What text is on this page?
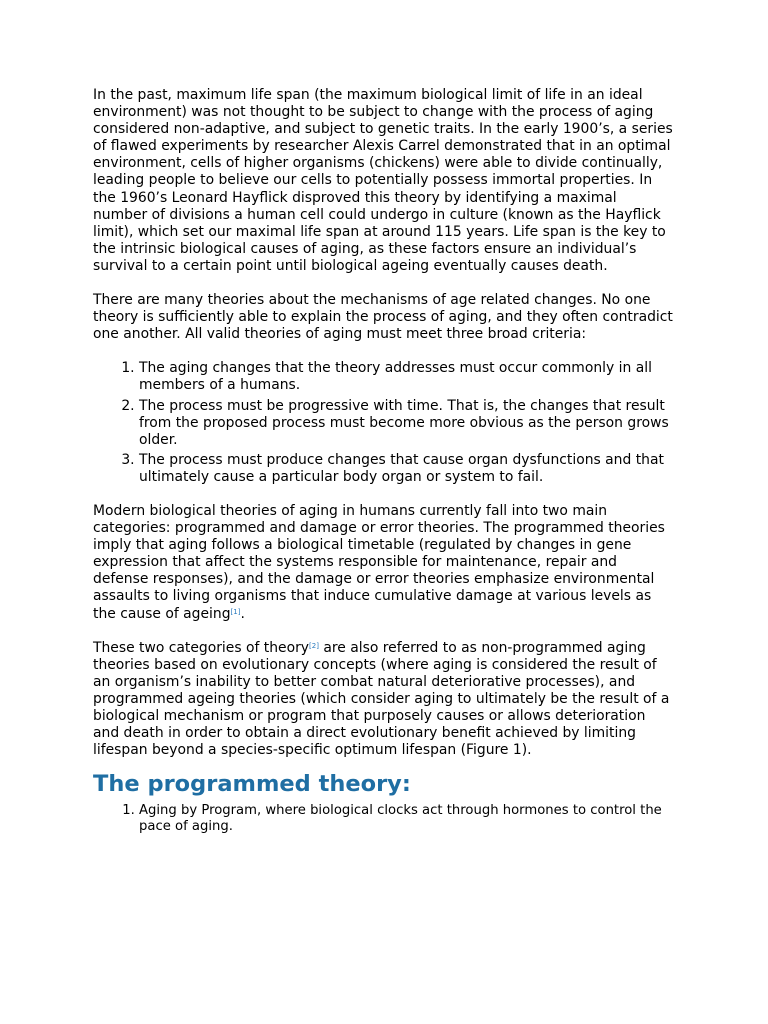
In the past, maximum life span (the maximum biological limit of life in an ideal environment) was not thought to be subject to change with the process of aging considered non-adaptive, and subject to genetic traits. In the early 1900’s, a series of flawed experiments by researcher Alexis Carrel demonstrated that in an optimal environment, cells of higher organisms (chickens) were able to divide continually, leading people to believe our cells to potentially possess immortal properties. In the 1960’s Leonard Hayflick disproved this theory by identifying a maximal number of divisions a human cell could undergo in culture (known as the Hayflick limit), which set our maximal life span at around 115 years. Life span is the key to the intrinsic biological causes of aging, as these factors ensure an individual’s survival to a certain point until biological ageing eventually causes death.

There are many theories about the mechanisms of age related changes. No one theory is sufficiently able to explain the process of aging, and they often contradict one another. All valid theories of aging must meet three broad criteria:

1. The aging changes that the theory addresses must occur commonly in all members of a humans.
2. The process must be progressive with time. That is, the changes that result from the proposed process must become more obvious as the person grows older.
3. The process must produce changes that cause organ dysfunctions and that ultimately cause a particular body organ or system to fail.

Modern biological theories of aging in humans currently fall into two main categories: programmed and damage or error theories. The programmed theories imply that aging follows a biological timetable (regulated by changes in gene expression that affect the systems responsible for maintenance, repair and defense responses), and the damage or error theories emphasize environmental assaults to living organisms that induce cumulative damage at various levels as the cause of ageing[1].

These two categories of theory[2] are also referred to as non-programmed aging theories based on evolutionary concepts (where aging is considered the result of an organism’s inability to better combat natural deteriorative processes), and programmed ageing theories (which consider aging to ultimately be the result of a biological mechanism or program that purposely causes or allows deterioration and death in order to obtain a direct evolutionary benefit achieved by limiting lifespan beyond a species-specific optimum lifespan (Figure 1).

The programmed theory:
1. Aging by Program, where biological clocks act through hormones to control the pace of aging.
